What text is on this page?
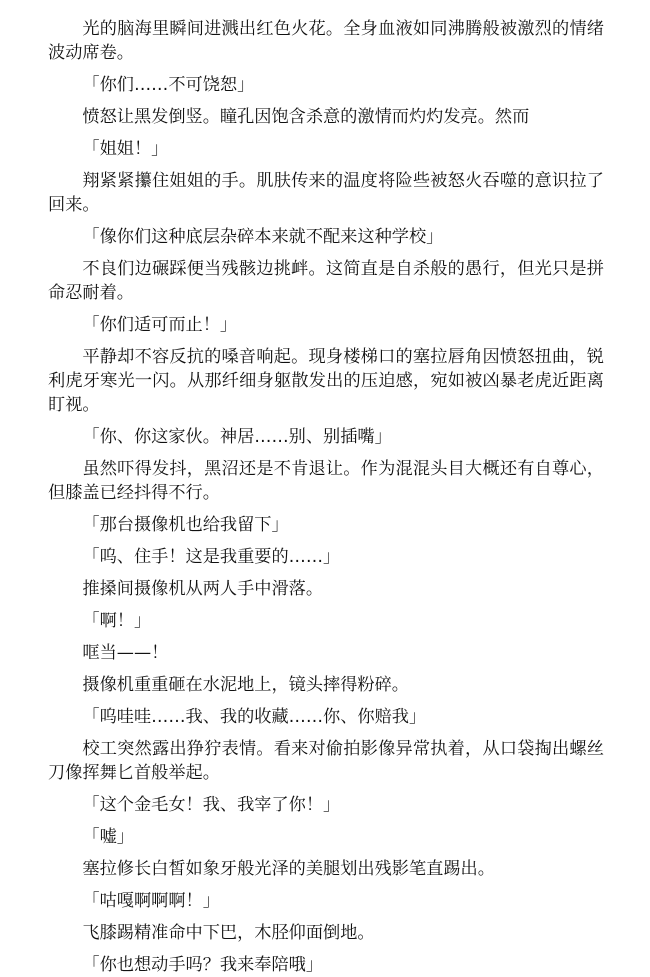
光的脑海里瞬间进溅出红色火花。全身血液如同沸腾般被激烈的情绪波动席卷。

「你们……不可饶恕」

愤怒让黑发倒竖。瞳孔因饱含杀意的激情而灼灼发亮。然而

「姐姐！」

翔紧紧攥住姐姐的手。肌肤传来的温度将险些被怒火吞噬的意识拉了回来。

「像你们这种底层杂碎本来就不配来这种学校」

不良们边碾踩便当残骸边挑衅。这简直是自杀般的愚行，但光只是拼命忍耐着。

「你们适可而止！」

平静却不容反抗的嗓音响起。现身楼梯口的塞拉唇角因愤怒扭曲，锐利虎牙寒光一闪。从那纤细身躯散发出的压迫感，宛如被凶暴老虎近距离盯视。

「你、你这家伙。神居……别、别插嘴」

虽然吓得发抖，黑沼还是不肯退让。作为混混头目大概还有自尊心，但膝盖已经抖得不行。

「那台摄像机也给我留下」

「呜、住手！这是我重要的……」

推搡间摄像机从两人手中滑落。

「啊！」

哐当——！

摄像机重重砸在水泥地上，镜头摔得粉碎。

「呜哇哇……我、我的收藏……你、你赔我」

校工突然露出狰狞表情。看来对偷拍影像异常执着，从口袋掏出螺丝刀像挥舞匕首般举起。

「这个金毛女！我、我宰了你！」

「嘘」

塞拉修长白皙如象牙般光泽的美腿划出残影笔直踢出。

「咕嘎啊啊啊！」

飞膝踢精准命中下巴，木胫仰面倒地。

「你也想动手吗？我来奉陪哦」
